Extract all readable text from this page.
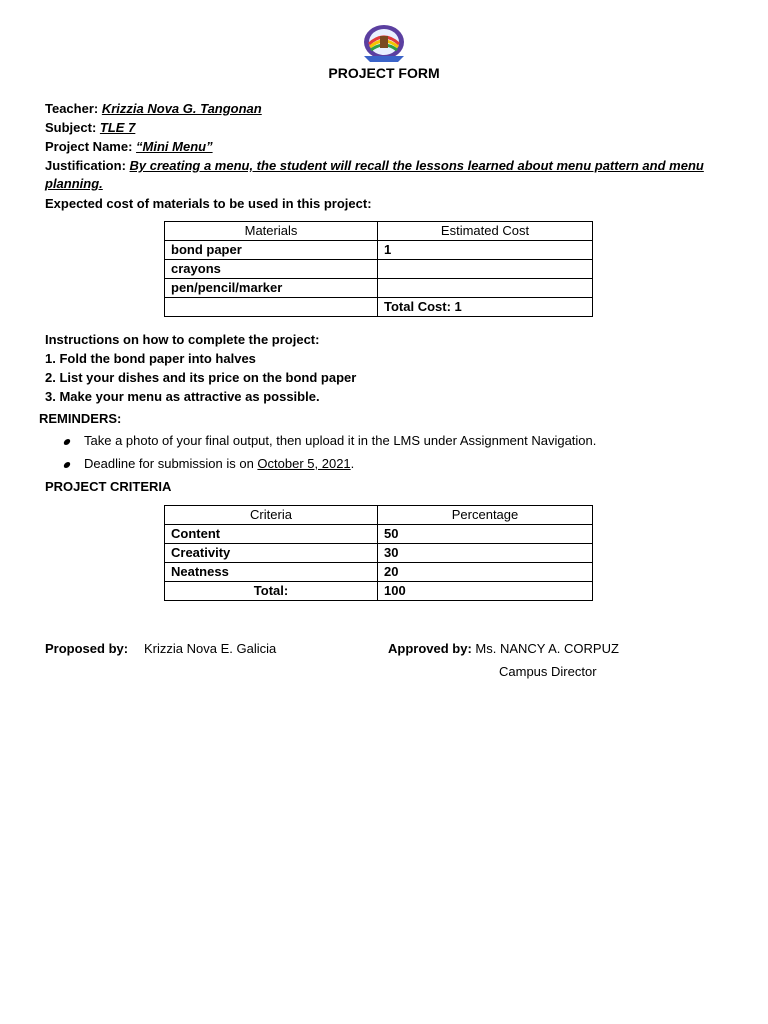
PROJECT FORM
Teacher: Krizzia Nova G. Tangonan
Subject: TLE 7
Project Name: “Mini Menu”
Justification: By creating a menu, the student will recall the lessons learned about menu pattern and menu planning.
Expected cost of materials to be used in this project:
Materials	Estimated Cost
bond paper	1
crayons	
pen/pencil/marker	
	Total Cost: 1
Instructions on how to complete the project:
1. Fold the bond paper into halves
2. List your dishes and its price on the bond paper
3. Make your menu as attractive as possible.
REMINDERS:
Take a photo of your final output, then upload it in the LMS under Assignment Navigation.
Deadline for submission is on October 5, 2021.
PROJECT CRITERIA
Criteria	Percentage
Content	50
Creativity	30
Neatness	20
Total:	100
Proposed by: Krizzia Nova E. Galicia	Approved by: Ms. NANCY A. CORPUZ
Campus Director
